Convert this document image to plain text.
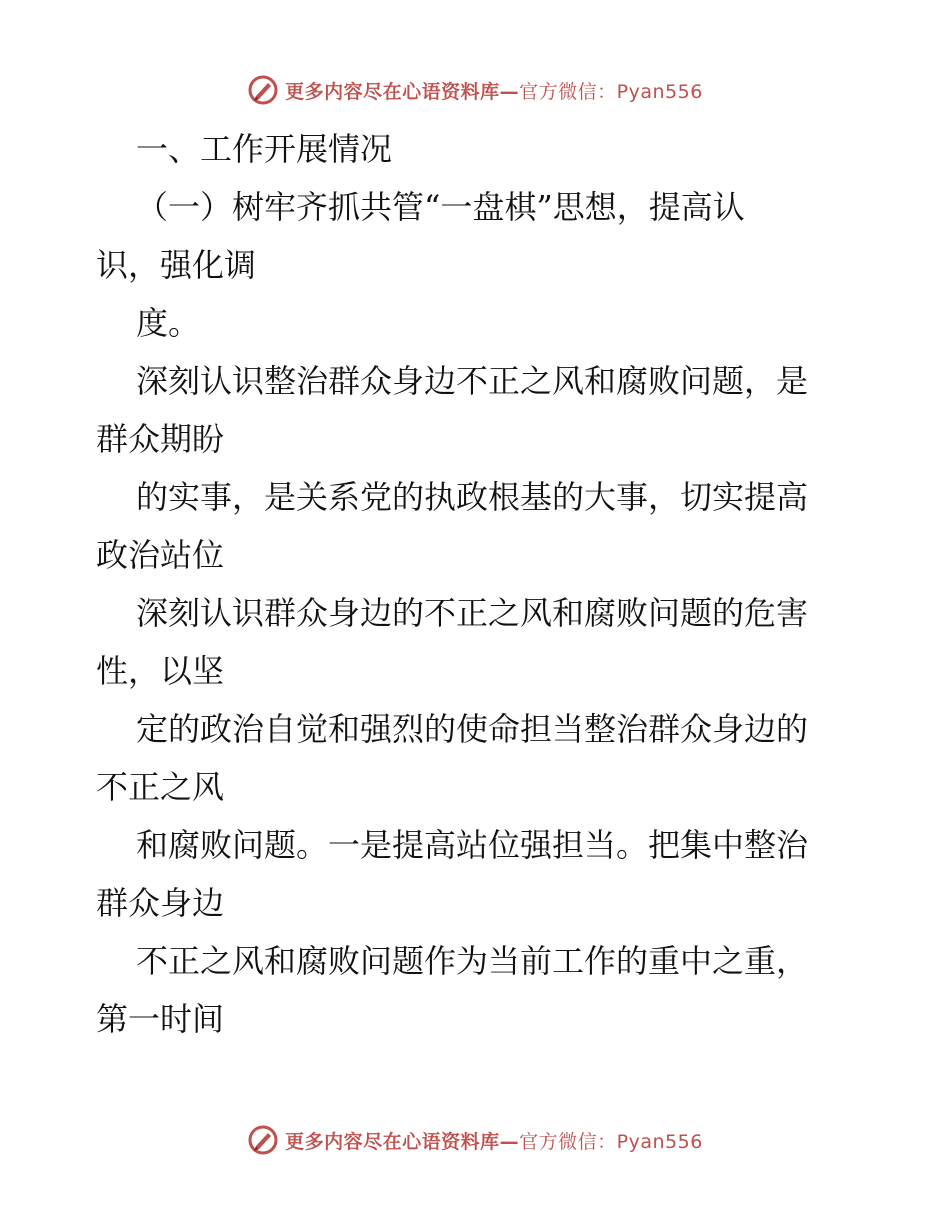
更多内容尽在心语资料库—官方微信：Pyan556
一、工作开展情况
（一）树牢齐抓共管“一盘棋”思想，提高认
识，强化调
度。
深刻认识整治群众身边不正之风和腐败问题，是
群众期盼
的实事，是关系党的执政根基的大事，切实提高
政治站位
深刻认识群众身边的不正之风和腐败问题的危害
性，以坚
定的政治自觉和强烈的使命担当整治群众身边的
不正之风
和腐败问题。一是提高站位强担当。把集中整治
群众身边
不正之风和腐败问题作为当前工作的重中之重，
第一时间
更多内容尽在心语资料库—官方微信：Pyan556
